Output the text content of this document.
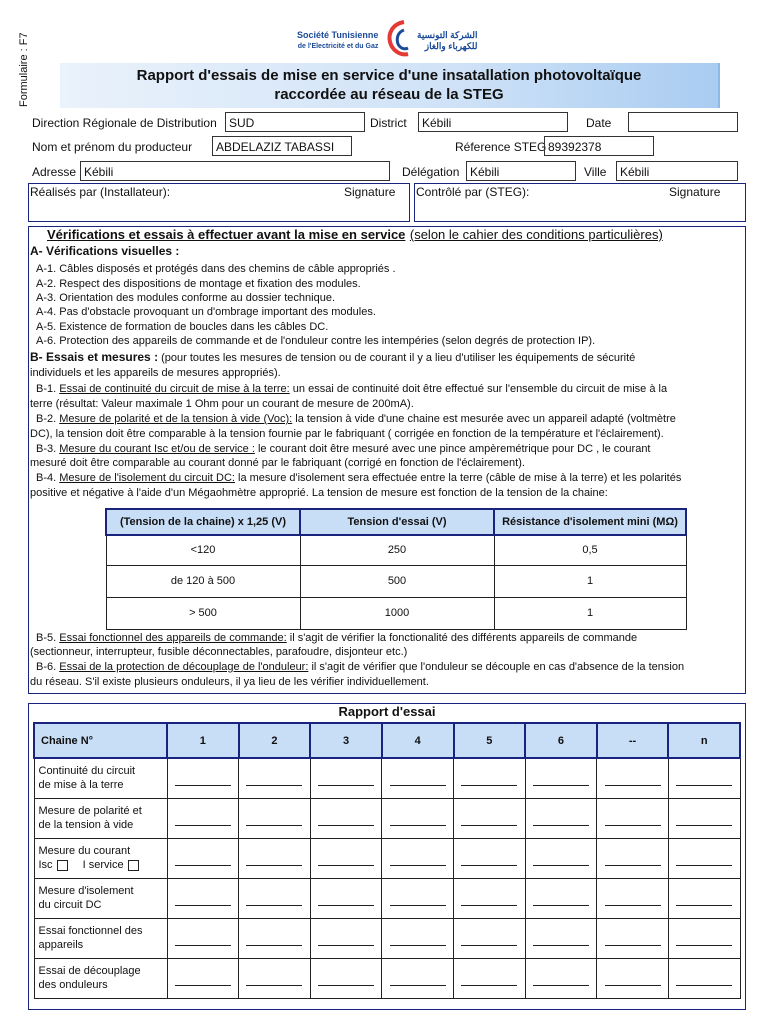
Formulaire : F7	Société Tunisienne
de l'Electricité et du Gaz
الشركة التونسية
للكهرباء والغاز
Rapport d'essais de mise en service d'une insatallation photovoltaïque
raccordée au réseau de la STEG
Direction Régionale de Distribution	SUD	District	Kébili	Date
Nom et prénom du producteur	ABDELAZIZ TABASSI	Réference STEG 89392378
Adresse Kébili	Délégation Kébili	Ville	Kébili
Réalisés par (Installateur):	Signature Contrôlé par (STEG):	Signature
Vérifications et essais à effectuer avant la mise en service (selon le cahier des conditions particulières)
A- Vérifications visuelles :
A-1. Câbles disposés et protégés dans des chemins de câble appropriés .
A-2. Respect des dispositions de montage et fixation des modules.
A-3. Orientation des modules conforme au dossier technique.
A-4. Pas d'obstacle provoquant un d'ombrage important des modules.
A-5. Existence de formation de boucles dans les câbles DC.
A-6. Protection des appareils de commande et de l'onduleur contre les intempéries (selon degrés de protection IP).
B- Essais et mesures : (pour toutes les mesures de tension ou de courant il y a lieu d'utiliser les équipements de sécurité
individuels et les appareils de mesures appropriés).
B-1. Essai de continuité du circuit de mise à la terre: un essai de continuité doit être effectué sur l'ensemble du circuit de mise à la
terre (résultat: Valeur maximale 1 Ohm pour un courant de mesure de 200mA).
B-2. Mesure de polarité et de la tension à vide (Voc): la tension à vide d'une chaine est mesurée avec un appareil adapté (voltmètre
DC), la tension doit être comparable à la tension fournie par le fabriquant ( corrigée en fonction de la température et l'éclairement).
B-3. Mesure du courant Isc et/ou de service : le courant doit être mesuré avec une pince ampèremétrique pour DC , le courant
mesuré doit être comparable au courant donné par le fabriquant (corrigé en fonction de l'éclairement).
B-4. Mesure de l'isolement du circuit DC: la mesure d'isolement sera effectuée entre la terre (câble de mise à la terre) et les polarités
positive et négative à l'aide d'un Mégaohmètre approprié. La tension de mesure est fonction de la tension de la chaine:
(Tension de la chaine) x 1,25 (V)	Tension d'essai (V)	Résistance d'isolement mini (MΩ)
<120	250	0,5
de 120 à 500	500	1
> 500	1000	1
B-5. Essai fonctionnel des appareils de commande: il s'agit de vérifier la fonctionalité des différents appareils de commande
(sectionneur, interrupteur, fusible déconnectables, parafoudre, disjonteur etc.)
B-6. Essai de la protection de découplage de l'onduleur: il s'agit de vérifier que l'onduleur se découple en cas d'absence de la tension
du réseau. S'il existe plusieurs onduleurs, il ya lieu de les vérifier individuellement.
Rapport d'essai
Chaine N°	1	2	3	4	5	6	--	n

Continuité du circuit
de mise à la terre								

Mesure de polarité et
de la tension à vide								

Mesure du courant
Isc I service								

Mesure d'isolement
du circuit DC								

Essai fonctionnel des
appareils								

Essai de découplage
des onduleurs								
